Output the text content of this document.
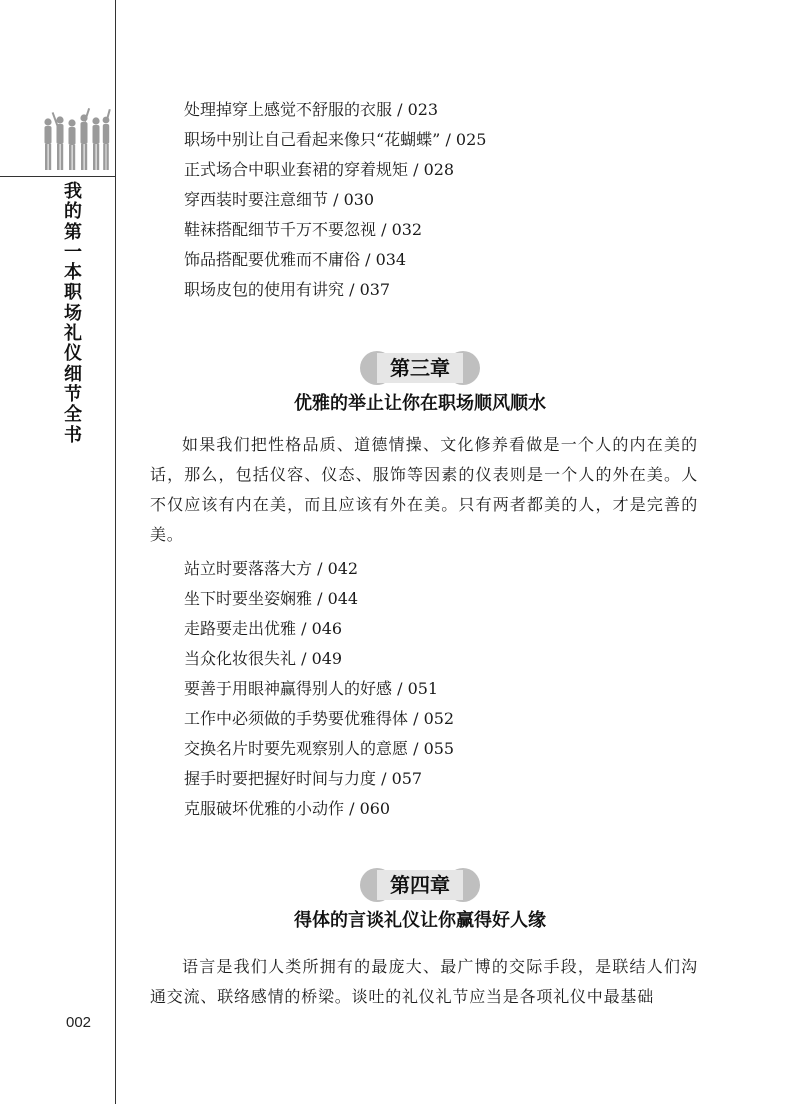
我的第一本职场礼仪细节全书
002
处理掉穿上感觉不舒服的衣服 / 023
职场中别让自己看起来像只“花蝴蝶” / 025
正式场合中职业套裙的穿着规矩 / 028
穿西装时要注意细节 / 030
鞋袜搭配细节千万不要忽视 / 032
饰品搭配要优雅而不庸俗 / 034
职场皮包的使用有讲究 / 037
第三章
优雅的举止让你在职场顺风顺水
如果我们把性格品质、道德情操、文化修养看做是一个人的内在美的话，那么，包括仪容、仪态、服饰等因素的仪表则是一个人的外在美。人不仅应该有内在美，而且应该有外在美。只有两者都美的人，才是完善的美。
站立时要落落大方 / 042
坐下时要坐姿娴雅 / 044
走路要走出优雅 / 046
当众化妆很失礼 / 049
要善于用眼神赢得别人的好感 / 051
工作中必须做的手势要优雅得体 / 052
交换名片时要先观察别人的意愿 / 055
握手时要把握好时间与力度 / 057
克服破坏优雅的小动作 / 060
第四章
得体的言谈礼仪让你赢得好人缘
语言是我们人类所拥有的最庞大、最广博的交际手段，是联结人们沟通交流、联络感情的桥梁。谈吐的礼仪礼节应当是各项礼仪中最基础
